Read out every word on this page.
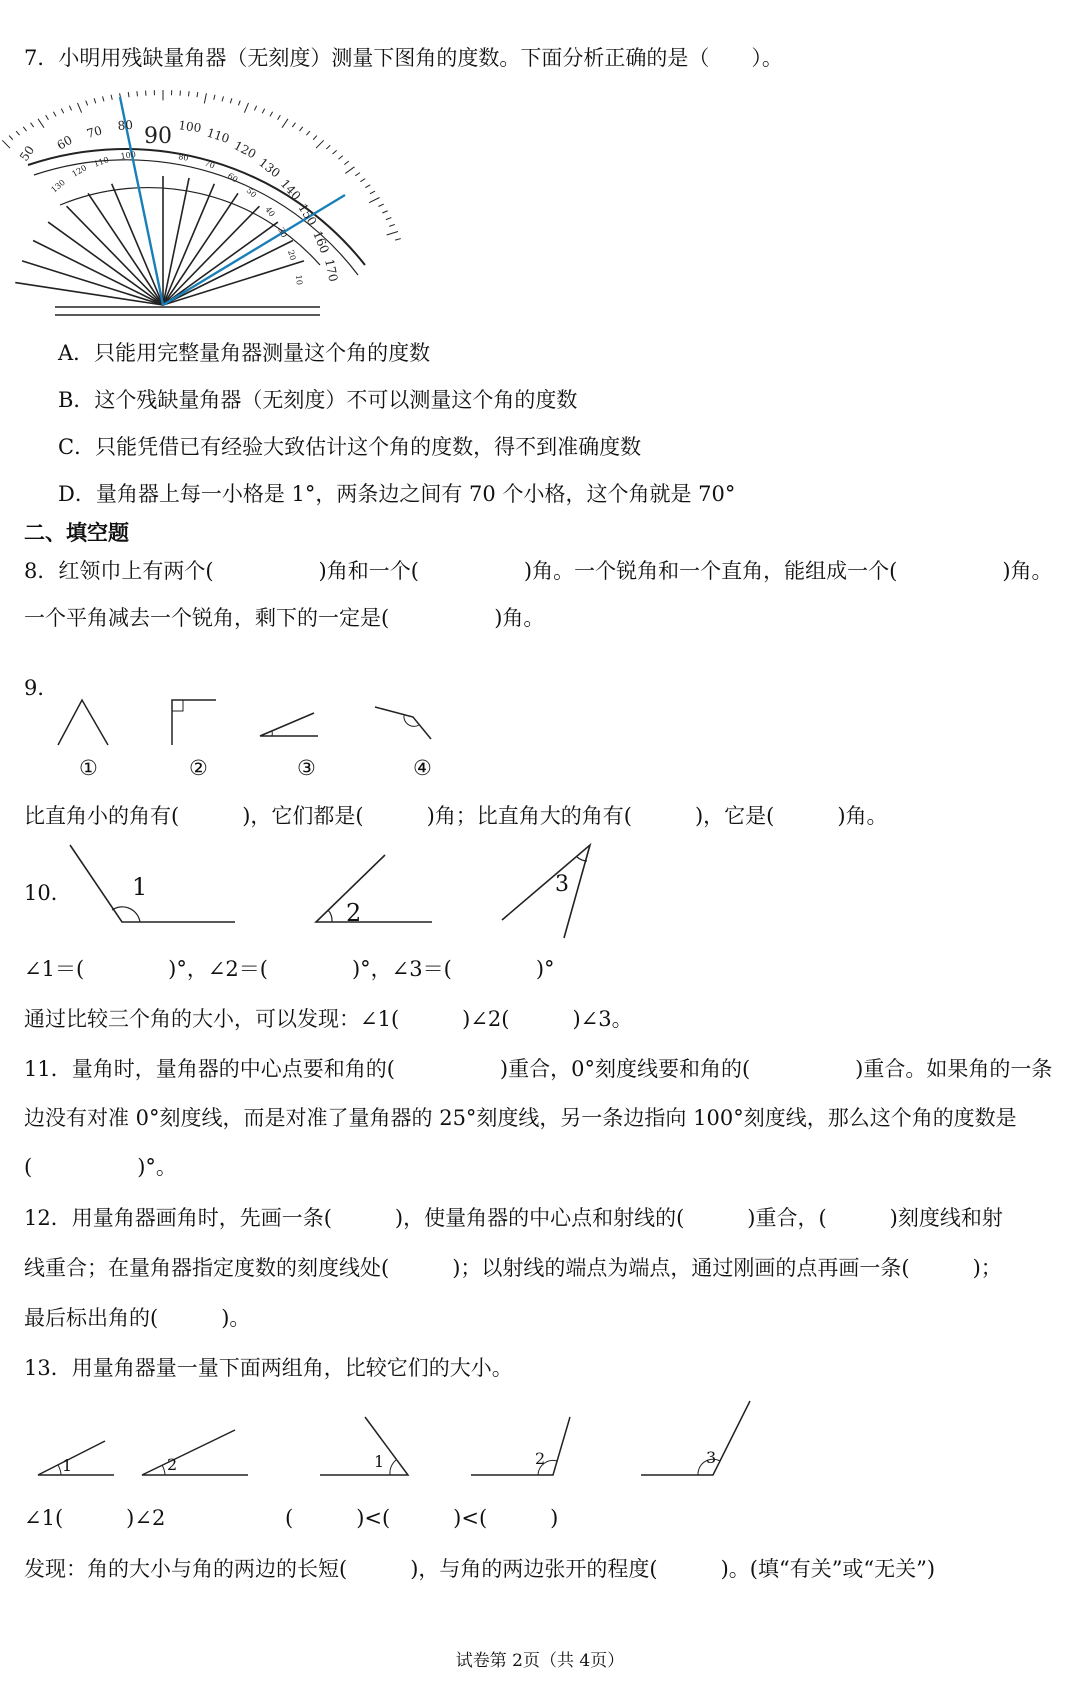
7．小明用残缺量角器（无刻度）测量下图角的度数。下面分析正确的是（　　）。
50
60
70 80 90 100 110
120
130
140
150
160
170
130
120
110 100	80
70
60
50
40
30
20
10
A．只能用完整量角器测量这个角的度数
B．这个残缺量角器（无刻度）不可以测量这个角的度数
C．只能凭借已有经验大致估计这个角的度数，得不到准确度数
D．量角器上每一小格是 1°，两条边之间有 70 个小格，这个角就是 70°
二、填空题
8．红领巾上有两个(　　　　　)角和一个(　　　　　)角。一个锐角和一个直角，能组成一个(　　　　　)角。
一个平角减去一个锐角，剩下的一定是(　　　　　)角。
9．
①	②	③	④
比直角小的角有(　　　)，它们都是(　　　)角；比直角大的角有(　　　)，它是(　　　)角。
10．	1
2
3
∠1＝(　　　　)°，∠2＝(　　　　)°，∠3＝(　　　　)°
通过比较三个角的大小，可以发现：∠1(　　　)∠2(　　　)∠3。
11．量角时，量角器的中心点要和角的(　　　　　)重合，0°刻度线要和角的(　　　　　)重合。如果角的一条
边没有对准 0°刻度线，而是对准了量角器的 25°刻度线，另一条边指向 100°刻度线，那么这个角的度数是
(　　　　　)°。
12．用量角器画角时，先画一条(　　　)，使量角器的中心点和射线的(　　　)重合，(　　　)刻度线和射
线重合；在量角器指定度数的刻度线处(　　　)；以射线的端点为端点，通过刚画的点再画一条(　　　)；
最后标出角的(　　　)。
13．用量角器量一量下面两组角，比较它们的大小。
1	2	1	2	3
∠1(　　　)∠2	(　　　)<(　　　)<(　　　)
发现：角的大小与角的两边的长短(　　　)，与角的两边张开的程度(　　　)。(填“有关”或“无关”)
试卷第 2页（共 4页）
